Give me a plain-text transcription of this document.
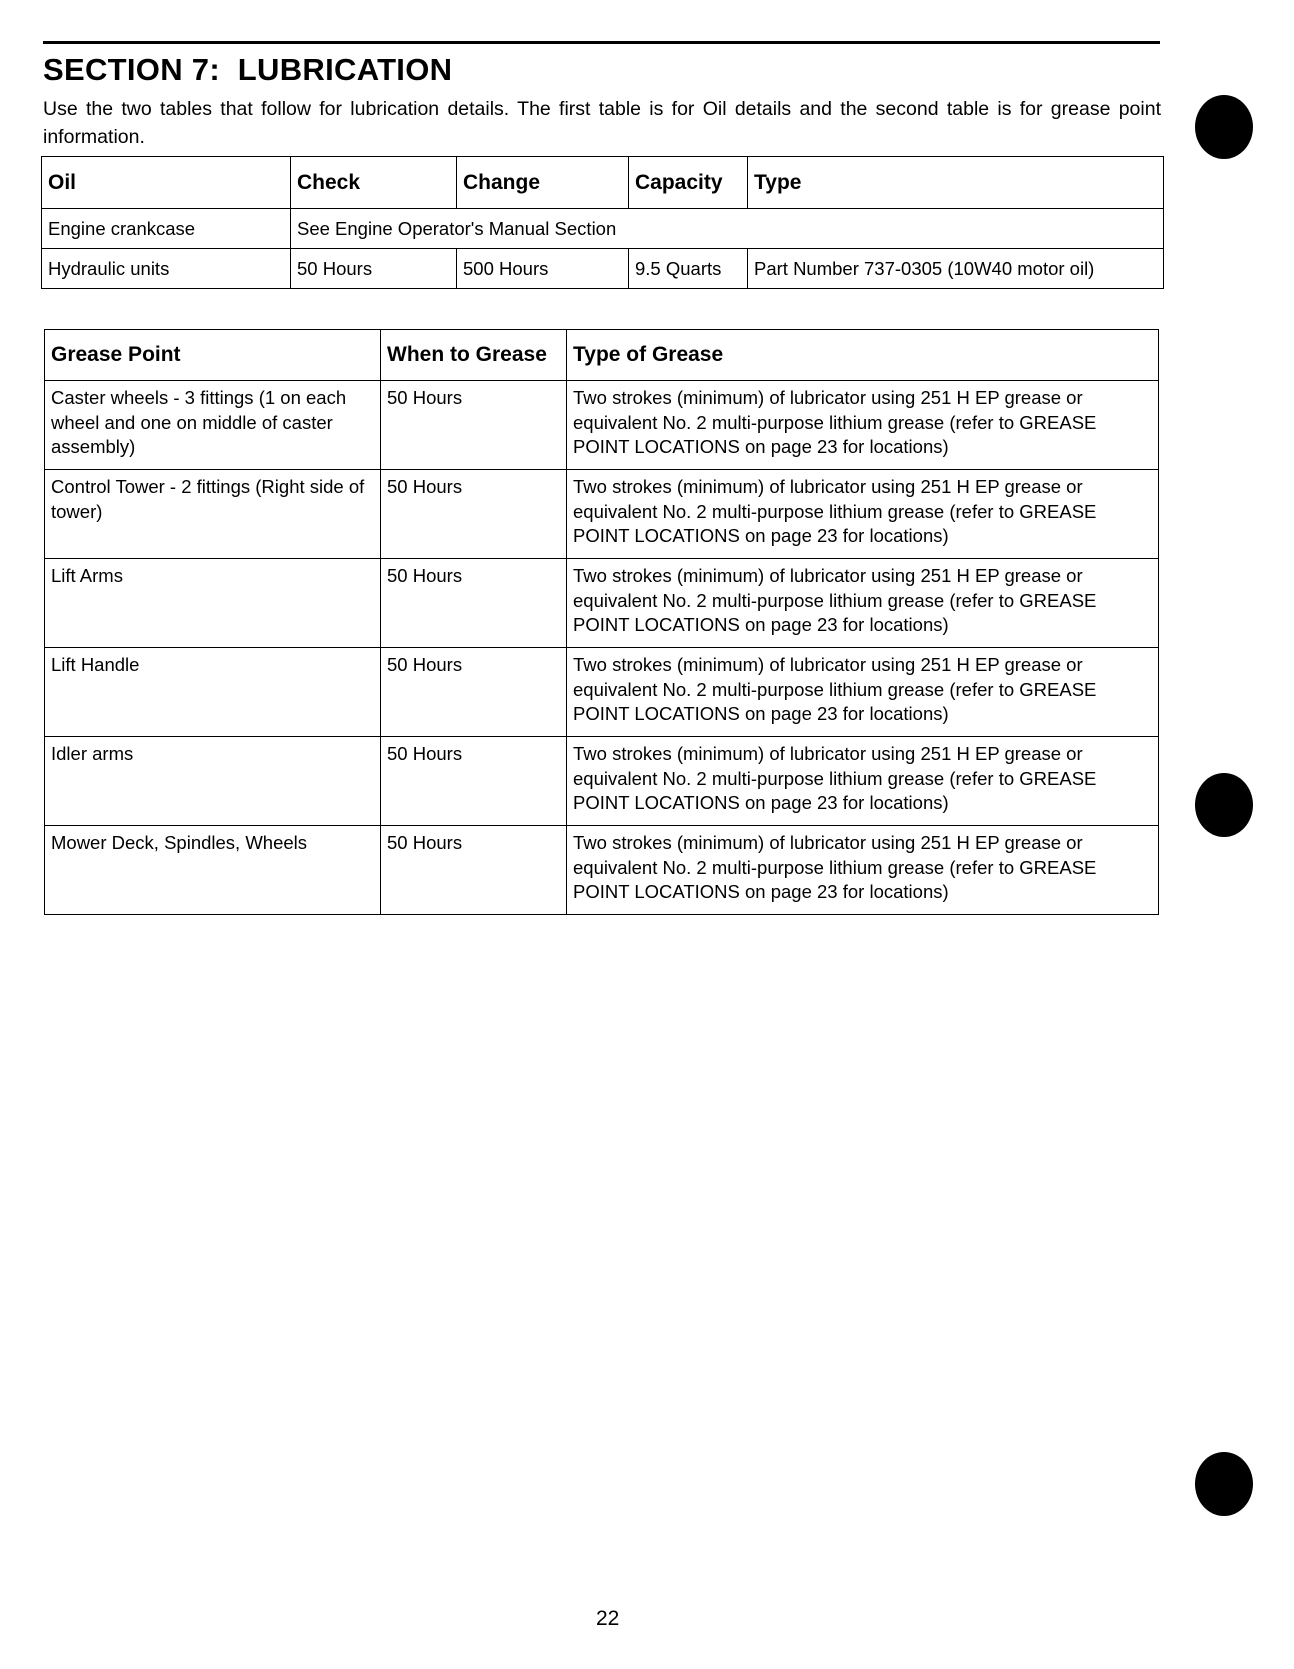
SECTION 7:  LUBRICATION
Use the two tables that follow for lubrication details. The first table is for Oil details and the second table is for grease point information.
Oil	Check	Change	Capacity	Type
Engine crankcase	See Engine Operator's Manual Section			
Hydraulic units	50 Hours	500 Hours	9.5 Quarts	Part Number 737-0305 (10W40 motor oil)
Grease Point	When to Grease	Type of Grease
Caster wheels - 3 fittings (1 on each wheel and one on middle of caster assembly)	50 Hours	Two strokes (minimum) of lubricator using 251 H EP grease or equivalent No. 2 multi-purpose lithium grease (refer to GREASE POINT LOCATIONS on page 23 for locations)
Control Tower - 2 fittings (Right side of tower)	50 Hours	Two strokes (minimum) of lubricator using 251 H EP grease or equivalent No. 2 multi-purpose lithium grease (refer to GREASE POINT LOCATIONS on page 23 for locations)
Lift Arms	50 Hours	Two strokes (minimum) of lubricator using 251 H EP grease or equivalent No. 2 multi-purpose lithium grease (refer to GREASE POINT LOCATIONS on page 23 for locations)
Lift Handle	50 Hours	Two strokes (minimum) of lubricator using 251 H EP grease or equivalent No. 2 multi-purpose lithium grease (refer to GREASE POINT LOCATIONS on page 23 for locations)
Idler arms	50 Hours	Two strokes (minimum) of lubricator using 251 H EP grease or equivalent No. 2 multi-purpose lithium grease (refer to GREASE POINT LOCATIONS on page 23 for locations)
Mower Deck, Spindles, Wheels	50 Hours	Two strokes (minimum) of lubricator using 251 H EP grease or equivalent No. 2 multi-purpose lithium grease (refer to GREASE POINT LOCATIONS on page 23 for locations)
22
